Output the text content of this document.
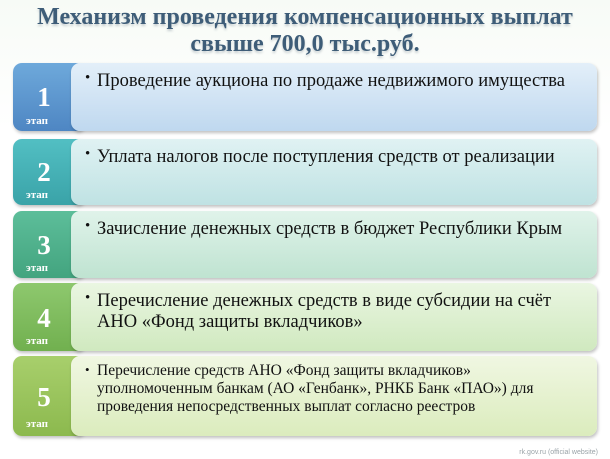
Механизм проведения компенсационных выплат
свыше 700,0 тыс.руб.
1
этап
• Проведение аукциона по продаже недвижимого имущества
2
этап
• Уплата налогов после поступления средств от реализации
3
этап
• Зачисление денежных средств в бюджет Республики Крым
4
этап
• Перечисление денежных средств в виде субсидии на счёт АНО «Фонд защиты вкладчиков»
5
этап
• Перечисление средств АНО «Фонд защиты вкладчиков» уполномоченным банкам (АО «Генбанк», РНКБ Банк «ПАО») для проведения непосредственных выплат согласно реестров
rk.gov.ru (official website)
